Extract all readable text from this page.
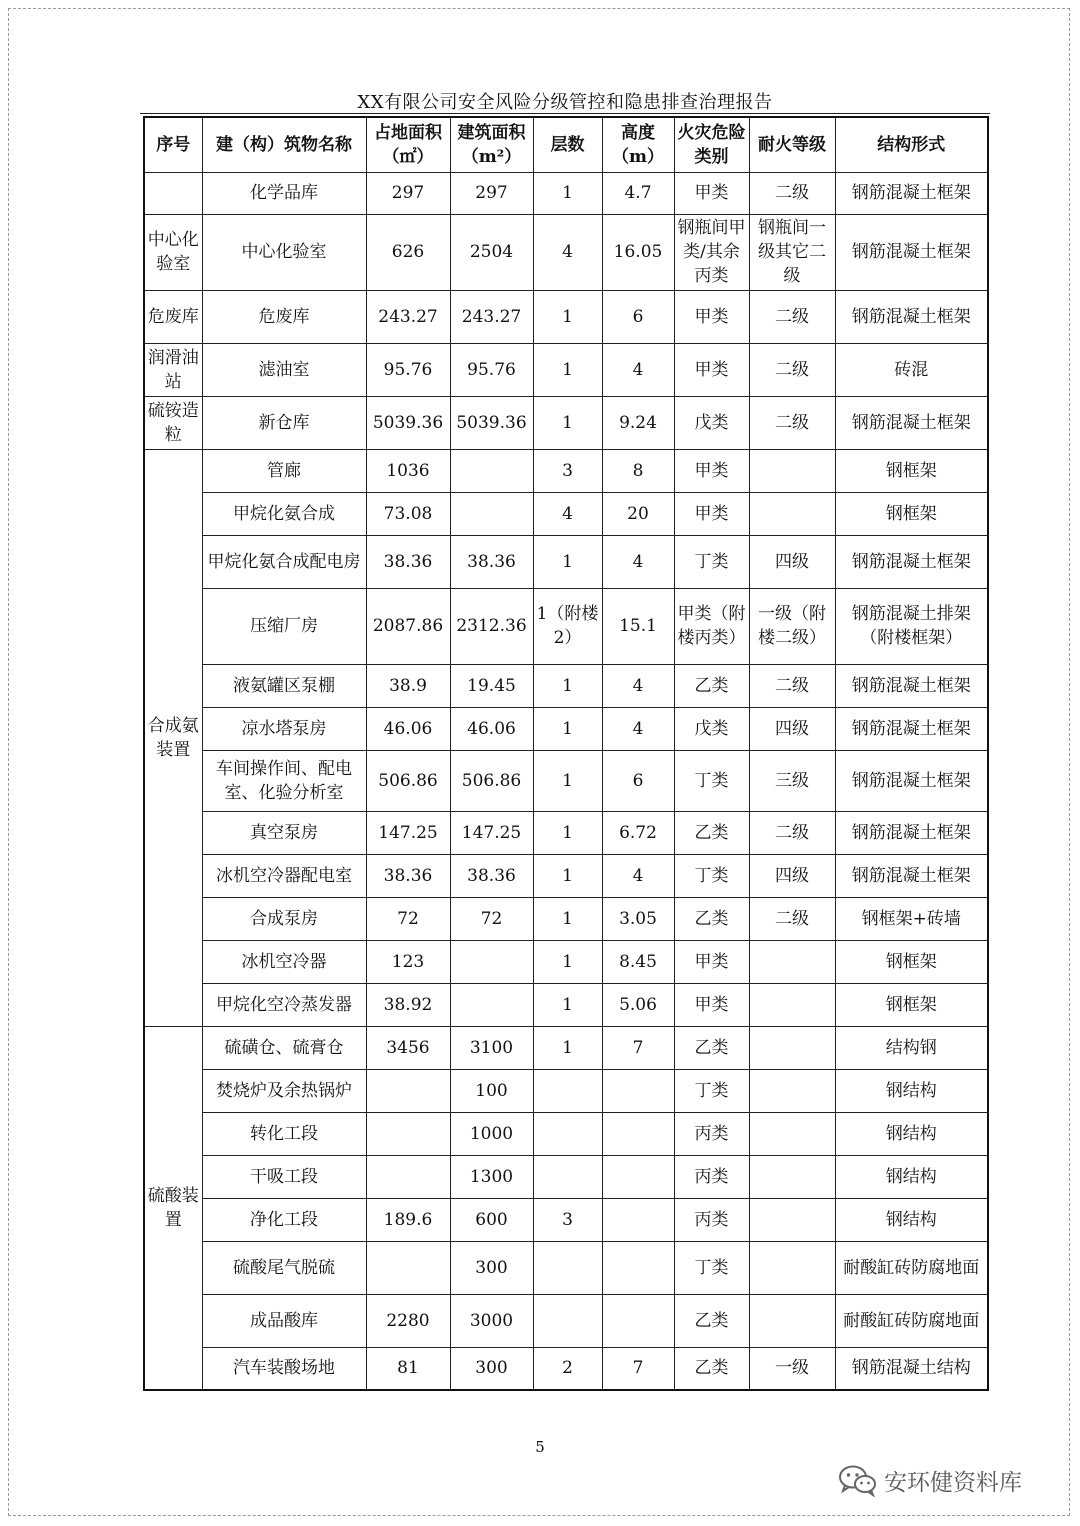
XX有限公司安全风险分级管控和隐患排查治理报告
序号	建（构）筑物名称	占地面积（㎡）	建筑面积（m²）	层数	高度（m）	火灾危险类别	耐火等级	结构形式
	化学品库	297	297	1	4.7	甲类	二级	钢筋混凝土框架
中心化验室	中心化验室	626	2504	4	16.05	钢瓶间甲类/其余丙类	钢瓶间一级其它二级	钢筋混凝土框架
危废库	危废库	243.27	243.27	1	6	甲类	二级	钢筋混凝土框架
润滑油站	滤油室	95.76	95.76	1	4	甲类	二级	砖混
硫铵造粒	新仓库	5039.36	5039.36	1	9.24	戊类	二级	钢筋混凝土框架
合成氨装置	管廊	1036		3	8	甲类		钢框架
	甲烷化氨合成	73.08		4	20	甲类		钢框架
	甲烷化氨合成配电房	38.36	38.36	1	4	丁类	四级	钢筋混凝土框架
	压缩厂房	2087.86	2312.36	1（附楼2）	15.1	甲类（附楼丙类）	一级（附楼二级）	钢筋混凝土排架（附楼框架）
	液氨罐区泵棚	38.9	19.45	1	4	乙类	二级	钢筋混凝土框架
	凉水塔泵房	46.06	46.06	1	4	戊类	四级	钢筋混凝土框架
	车间操作间、配电室、化验分析室	506.86	506.86	1	6	丁类	三级	钢筋混凝土框架
	真空泵房	147.25	147.25	1	6.72	乙类	二级	钢筋混凝土框架
	冰机空冷器配电室	38.36	38.36	1	4	丁类	四级	钢筋混凝土框架
	合成泵房	72	72	1	3.05	乙类	二级	钢框架+砖墙
	冰机空冷器	123		1	8.45	甲类		钢框架
	甲烷化空冷蒸发器	38.92		1	5.06	甲类		钢框架
硫酸装置	硫磺仓、硫膏仓	3456	3100	1	7	乙类		结构钢
	焚烧炉及余热锅炉		100			丁类		钢结构
	转化工段		1000			丙类		钢结构
	干吸工段		1300			丙类		钢结构
	净化工段	189.6	600	3		丙类		钢结构
	硫酸尾气脱硫		300			丁类		耐酸缸砖防腐地面
	成品酸库	2280	3000			乙类		耐酸缸砖防腐地面
	汽车装酸场地	81	300	2	7	乙类	一级	钢筋混凝土结构
5
安环健资料库
